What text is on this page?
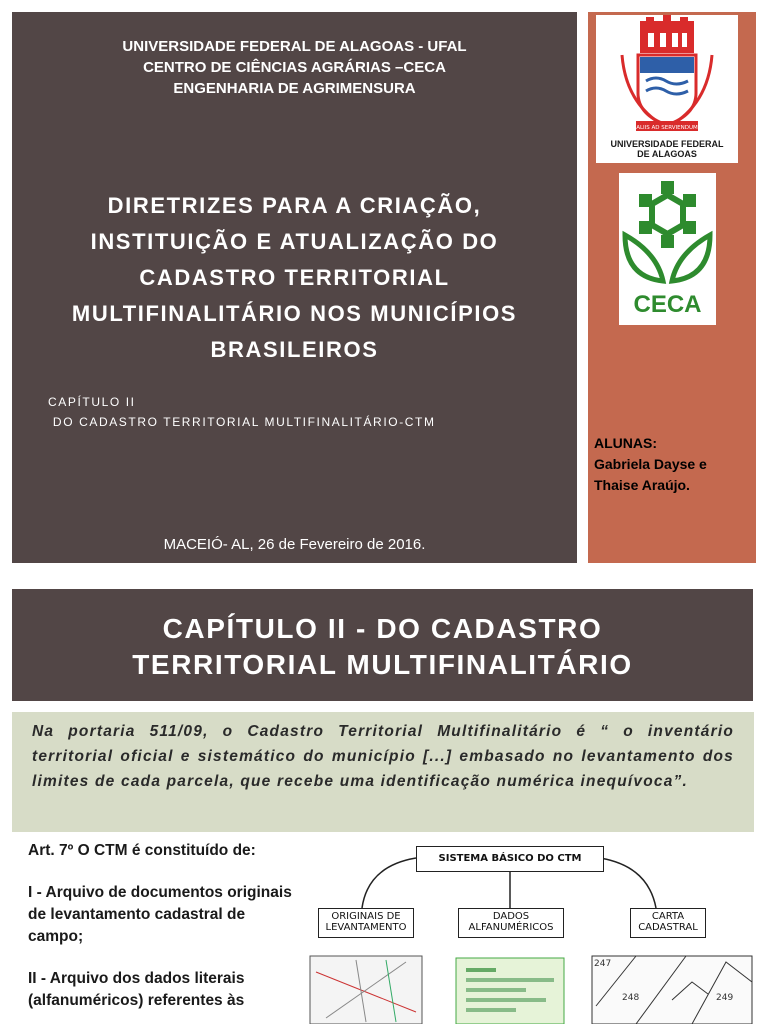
UNIVERSIDADE FEDERAL DE ALAGOAS - UFAL
CENTRO DE CIÊNCIAS AGRÁRIAS –CECA
ENGENHARIA DE AGRIMENSURA
DIRETRIZES PARA A CRIAÇÃO, INSTITUIÇÃO E ATUALIZAÇÃO DO CADASTRO TERRITORIAL MULTIFINALITÁRIO NOS MUNICÍPIOS BRASILEIROS
CAPÍTULO II
DO CADASTRO TERRITORIAL MULTIFINALITÁRIO-CTM
MACEIÓ- AL, 26 de Fevereiro de 2016.
ALIIS AD SERVIENDUM
UNIVERSIDADE FEDERAL
DE ALAGOAS
CECA
ALUNAS:
Gabriela Dayse e
Thaise Araújo.
CAPÍTULO II - DO CADASTRO
TERRITORIAL MULTIFINALITÁRIO
Na portaria 511/09, o Cadastro Territorial Multifinalitário é “ o inventário territorial oficial e sistemático do município [...] embasado no levantamento dos limites de cada parcela, que recebe uma identificação numérica inequívoca”.

Art. 7º O CTM é constituído de:

I - Arquivo de documentos originais de levantamento cadastral de campo;

II - Arquivo dos dados literais (alfanuméricos) referentes às

247
248	249
SISTEMA BÁSICO DO CTM
ORIGINAIS DE
LEVANTAMENTO
DADOS
ALFANUMÉRICOS
CARTA
CADASTRAL
